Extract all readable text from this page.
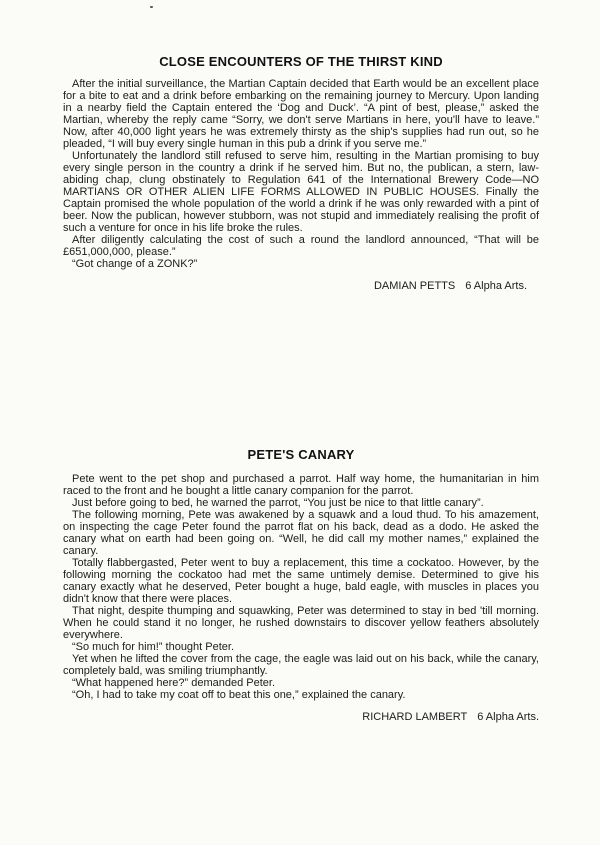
CLOSE ENCOUNTERS OF THE THIRST KIND

After the initial surveillance, the Martian Captain decided that Earth would be an excellent place for a bite to eat and a drink before embarking on the remaining journey to Mercury. Upon landing in a nearby field the Captain entered the ‘Dog and Duck’. “A pint of best, please,” asked the Martian, whereby the reply came “Sorry, we don't serve Martians in here, you'll have to leave.” Now, after 40,000 light years he was extremely thirsty as the ship's supplies had run out, so he pleaded, “I will buy every single human in this pub a drink if you serve me.”

Unfortunately the landlord still refused to serve him, resulting in the Martian promising to buy every single person in the country a drink if he served him. But no, the publican, a stern, law-abiding chap, clung obstinately to Regulation 641 of the International Brewery Code—NO MARTIANS OR OTHER ALIEN LIFE FORMS ALLOWED IN PUBLIC HOUSES. Finally the Captain promised the whole population of the world a drink if he was only rewarded with a pint of beer. Now the publican, however stubborn, was not stupid and immediately realising the profit of such a venture for once in his life broke the rules.

After diligently calculating the cost of such a round the landlord announced, “That will be £651,000,000, please.”

“Got change of a ZONK?”

DAMIAN PETTS 6 Alpha Arts.
PETE'S CANARY

Pete went to the pet shop and purchased a parrot. Half way home, the humanitarian in him raced to the front and he bought a little canary companion for the parrot.

Just before going to bed, he warned the parrot, “You just be nice to that little canary”.

The following morning, Pete was awakened by a squawk and a loud thud. To his amazement, on inspecting the cage Peter found the parrot flat on his back, dead as a dodo. He asked the canary what on earth had been going on. “Well, he did call my mother names,” explained the canary.

Totally flabbergasted, Peter went to buy a replacement, this time a cockatoo. However, by the following morning the cockatoo had met the same untimely demise. Determined to give his canary exactly what he deserved, Peter bought a huge, bald eagle, with muscles in places you didn't know that there were places.

That night, despite thumping and squawking, Peter was determined to stay in bed 'till morning. When he could stand it no longer, he rushed downstairs to discover yellow feathers absolutely everywhere.

“So much for him!” thought Peter.

Yet when he lifted the cover from the cage, the eagle was laid out on his back, while the canary, completely bald, was smiling triumphantly.

“What happened here?” demanded Peter.

“Oh, I had to take my coat off to beat this one,” explained the canary.

RICHARD LAMBERT 6 Alpha Arts.
